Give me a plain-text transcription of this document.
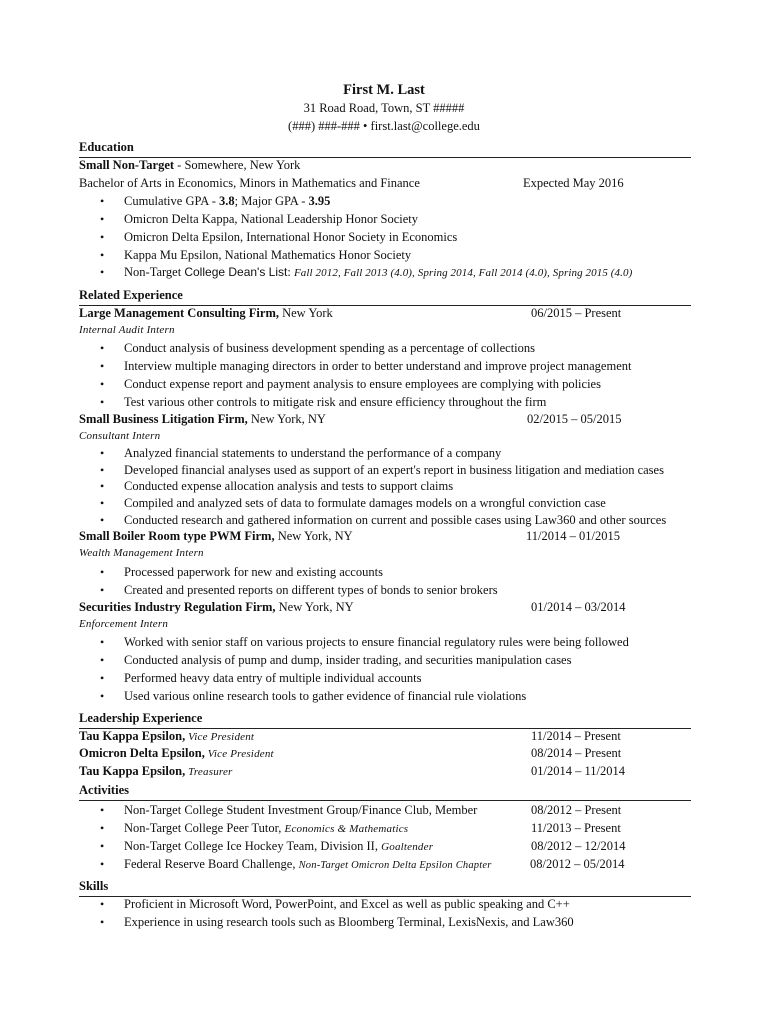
First M. Last
31 Road Road, Town, ST #####
(###) ###-### • first.last@college.edu
Education
Small Non-Target - Somewhere, New York
Bachelor of Arts in Economics, Minors in Mathematics and Finance	Expected May 2016
• Cumulative GPA - 3.8; Major GPA - 3.95
• Omicron Delta Kappa, National Leadership Honor Society
• Omicron Delta Epsilon, International Honor Society in Economics
• Kappa Mu Epsilon, National Mathematics Honor Society
• Non-Target College Dean's List: Fall 2012, Fall 2013 (4.0), Spring 2014, Fall 2014 (4.0), Spring 2015 (4.0)
Related Experience
Large Management Consulting Firm, New York	06/2015 – Present
Internal Audit Intern
• Conduct analysis of business development spending as a percentage of collections
• Interview multiple managing directors in order to better understand and improve project management
• Conduct expense report and payment analysis to ensure employees are complying with policies
• Test various other controls to mitigate risk and ensure efficiency throughout the firm
Small Business Litigation Firm, New York, NY	02/2015 – 05/2015
Consultant Intern
• Analyzed financial statements to understand the performance of a company
• Developed financial analyses used as support of an expert's report in business litigation and mediation cases
• Conducted expense allocation analysis and tests to support claims
• Compiled and analyzed sets of data to formulate damages models on a wrongful conviction case
• Conducted research and gathered information on current and possible cases using Law360 and other sources
Small Boiler Room type PWM Firm, New York, NY	11/2014 – 01/2015
Wealth Management Intern
• Processed paperwork for new and existing accounts
• Created and presented reports on different types of bonds to senior brokers
Securities Industry Regulation Firm, New York, NY	01/2014 – 03/2014
Enforcement Intern
• Worked with senior staff on various projects to ensure financial regulatory rules were being followed
• Conducted analysis of pump and dump, insider trading, and securities manipulation cases
• Performed heavy data entry of multiple individual accounts
• Used various online research tools to gather evidence of financial rule violations
Leadership Experience
Tau Kappa Epsilon, Vice President	11/2014 – Present
Omicron Delta Epsilon, Vice President	08/2014 – Present
Tau Kappa Epsilon, Treasurer	01/2014 – 11/2014
Activities
• Non-Target College Student Investment Group/Finance Club, Member	08/2012 – Present
• Non-Target College Peer Tutor, Economics & Mathematics	11/2013 – Present
• Non-Target College Ice Hockey Team, Division II, Goaltender	08/2012 – 12/2014
• Federal Reserve Board Challenge, Non-Target Omicron Delta Epsilon Chapter	08/2012 – 05/2014
Skills
• Proficient in Microsoft Word, PowerPoint, and Excel as well as public speaking and C++
• Experience in using research tools such as Bloomberg Terminal, LexisNexis, and Law360
